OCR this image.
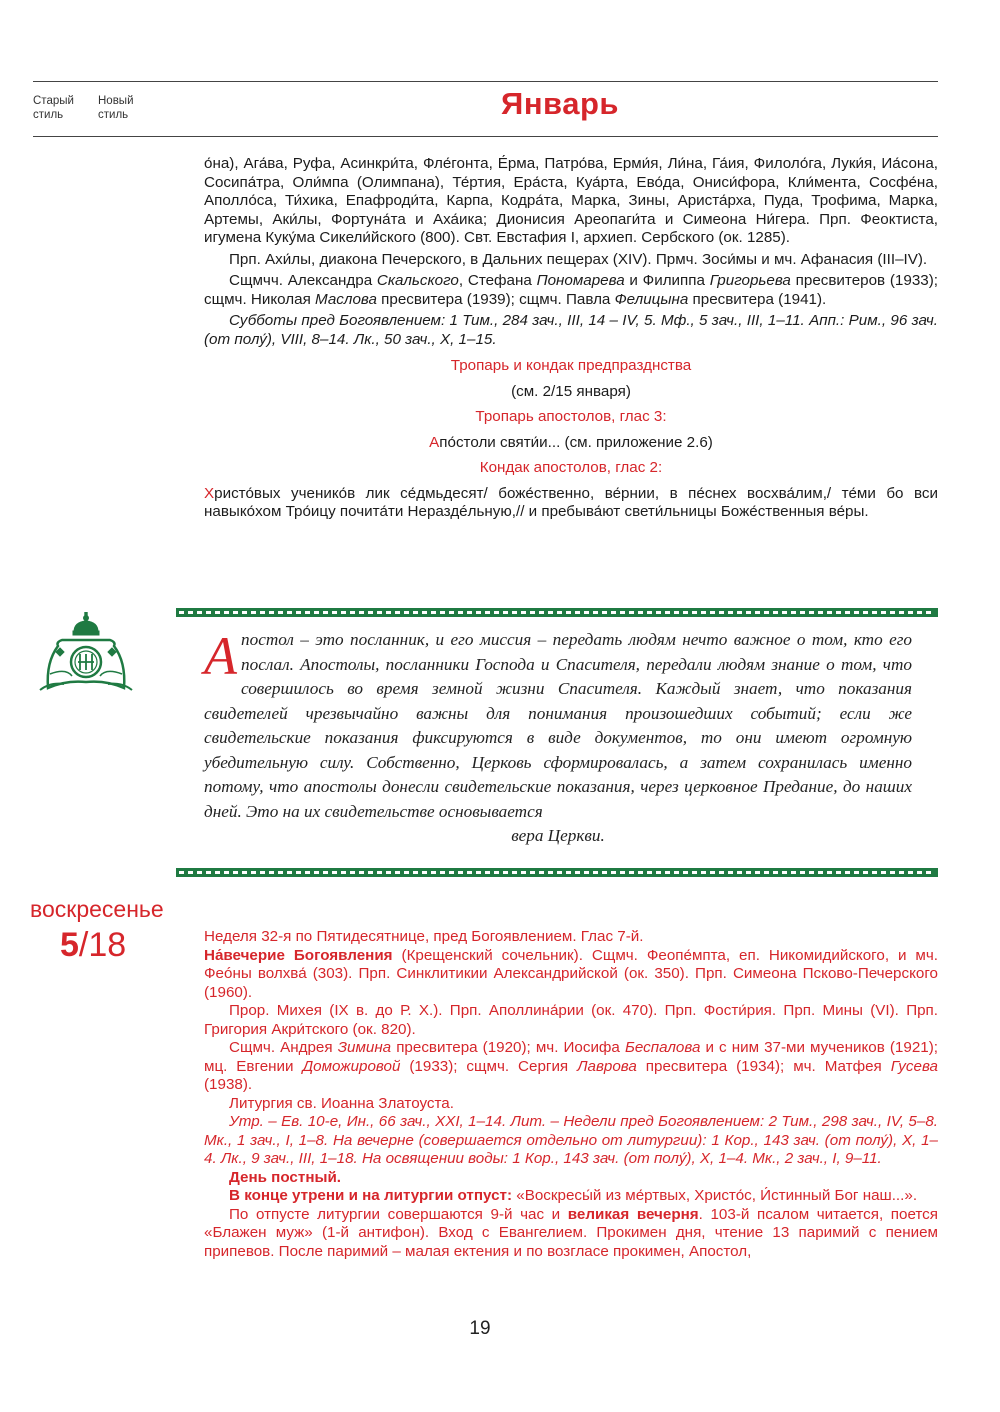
Старый стиль
Новый стиль	Январь

о́на), Ага́ва, Руфа, Асинкри́та, Фле́гонта, Е́рма, Патро́ва, Ерми́я, Ли́на, Га́ия, Филоло́га, Луки́я, Иа́сона, Сосипа́тра, Оли́мпа (Олимпана), Те́ртия, Ера́ста, Куа́рта, Ево́да, Ониси́фора, Кли́мента, Сосфе́на, Аполло́са, Ти́хика, Епафроди́та, Карпа, Кодра́та, Марка, Зины, Ариста́рха, Пуда, Трофима, Марка, Артемы, Аки́лы, Фортуна́та и Аха́ика; Дионисия Ареопаги́та и Симеона Ни́гера. Прп. Феоктиста, игумена Куку́ма Сикели́йского (800). Свт. Евстафия I, архиеп. Сербского (ок. 1285).

Прп. Ахи́лы, диакона Печерского, в Дальних пещерах (XIV). Прмч. Зоси́мы и мч. Афанасия (III–IV).

Сщмчч. Александра Скальского, Стефана Пономарева и Филиппа Григорьева пресвитеров (1933); сщмч. Николая Маслова пресвитера (1939); сщмч. Павла Фелицына пресвитера (1941).

Субботы пред Богоявлением: 1 Тим., 284 зач., III, 14 – IV, 5. Мф., 5 зач., III, 1–11. Апп.: Рим., 96 зач. (от полу́), VIII, 8–14. Лк., 50 зач., X, 1–15.

Тропарь и кондак предпразднства

(см. 2/15 января)

Тропарь апостолов, глас 3:

Апо́столи святи́и... (см. приложение 2.6)

Кондак апостолов, глас 2:

Христо́вых ученико́в лик се́дмьдесят/ боже́ственно, ве́рнии, в пе́снех восхва́лим,/ те́ми бо вси навыко́хом Тро́ицу почита́ти Нераздéльную,// и пребыва́ют свети́льницы Боже́ственныя ве́ры.

Апостол – это посланник, и его миссия – передать людям нечто важное о том, кто его послал. Апостолы, посланники Господа и Спасителя, передали людям знание о том, что совершилось во время земной жизни Спасителя. Каждый знает, что показания свидетелей чрезвычайно важны для понимания произошедших событий; если же свидетельские показания фиксируются в виде документов, то они имеют огромную убедительную силу. Собственно, Церковь сформировалась, а затем сохранилась именно потому, что апостолы донесли свидетельские показания, через церковное Предание, до наших дней. Это на их свидетельстве основывается

вера Церкви.

воскресенье
5/18	Неделя 32-я по Пятидесятнице, пред Богоявлением. Глас 7-й.

На́вечерие Богоявления (Крещенский сочельник). Сщмч. Феопе́мпта, еп. Никомидийского, и мч. Феóны волхва́ (303). Прп. Синклитикии Александрийской (ок. 350). Прп. Симеона Псково-Печерского (1960).

Прор. Михея (IX в. до Р. Х.). Прп. Аполлина́рии (ок. 470). Прп. Фости́рия. Прп. Мины (VI). Прп. Григория Акри́тского (ок. 820).

Сщмч. Андрея Зимина пресвитера (1920); мч. Иосифа Беспалова и с ним 37-ми мучеников (1921); мц. Евгении Доможировой (1933); сщмч. Сергия Лаврова пресвитера (1934); мч. Матфея Гусева (1938).

Литургия св. Иоанна Златоуста.

Утр. – Ев. 10-е, Ин., 66 зач., XXI, 1–14. Лит. – Недели пред Богоявлением: 2 Тим., 298 зач., IV, 5–8. Мк., 1 зач., I, 1–8. На вечерне (совершается отдельно от литургии): 1 Кор., 143 зач. (от полу́), X, 1–4. Лк., 9 зач., III, 1–18. На освящении воды: 1 Кор., 143 зач. (от полу́), X, 1–4. Мк., 2 зач., I, 9–11.

День постный.

В конце утрени и на литургии отпуст: «Воскресы́й из ме́ртвых, Христо́с, И́стинный Бог наш...».

По отпусте литургии совершаются 9-й час и великая вечерня. 103-й псалом читается, поется «Блажен муж» (1-й антифон). Вход с Евангелием. Прокимен дня, чтение 13 паримий с пением припевов. После паримий – малая ектения и по возгласе прокимен, Апостол,

19
